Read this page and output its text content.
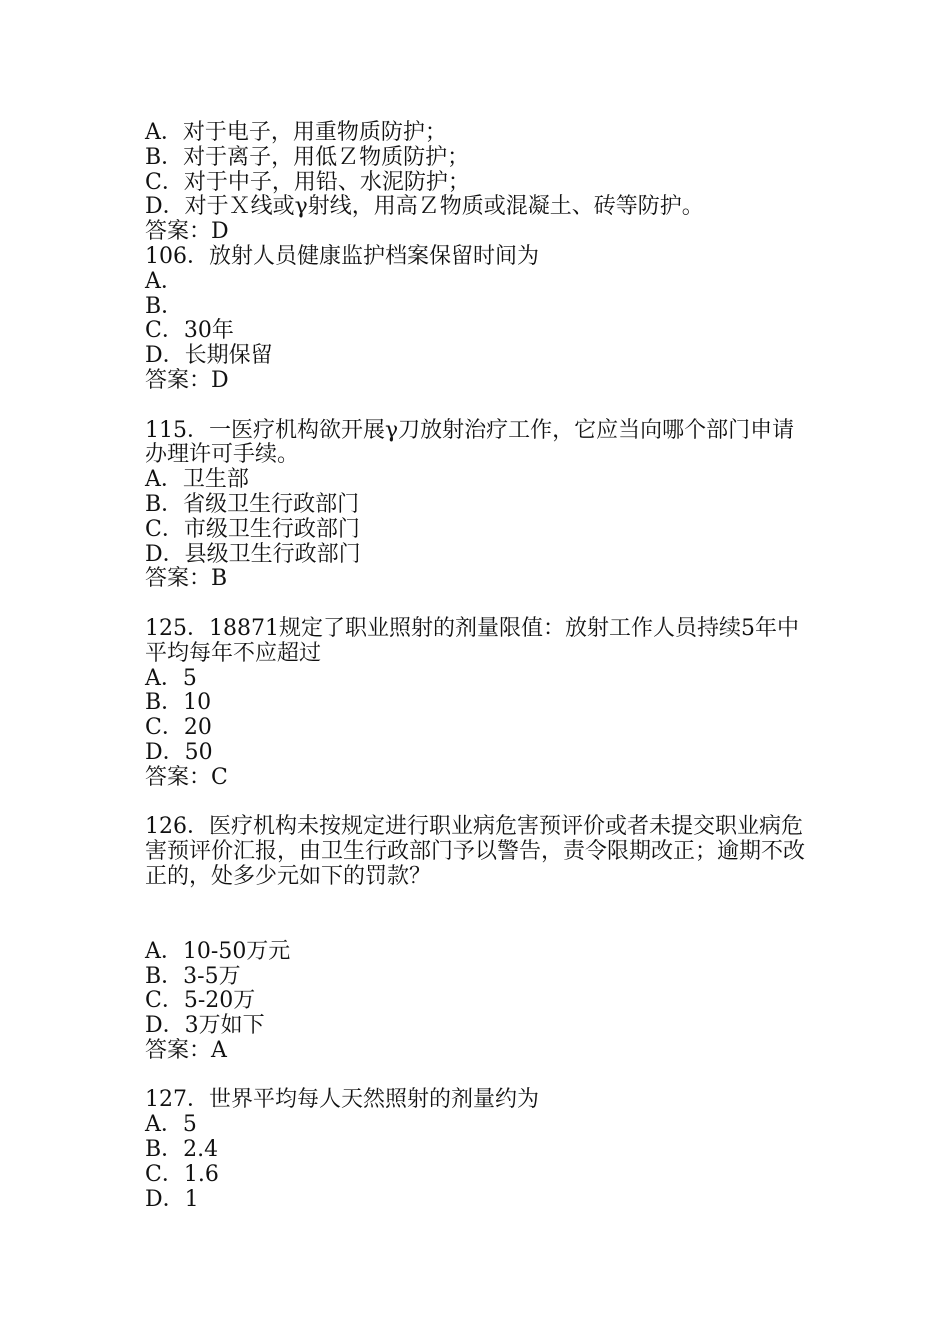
A．对于电子，用重物质防护；
B．对于离子，用低Ｚ物质防护；
C．对于中子，用铅、水泥防护；
D．对于Ｘ线或γ射线，用高Ｚ物质或混凝土、砖等防护。
答案：D
106．放射人员健康监护档案保留时间为
A．
B．
C．30年
D．长期保留
答案：D
115．一医疗机构欲开展γ刀放射治疗工作，它应当向哪个部门申请办理许可手续。
A．卫生部
B．省级卫生行政部门
C．市级卫生行政部门
D．县级卫生行政部门
答案：B
125．18871规定了职业照射的剂量限值：放射工作人员持续5年中平均每年不应超过
A．5
B．10
C．20
D．50
答案：C
126．医疗机构未按规定进行职业病危害预评价或者未提交职业病危害预评价汇报，由卫生行政部门予以警告，责令限期改正；逾期不改正的，处多少元如下的罚款？
A．10-50万元
B．3-5万
C．5-20万
D．3万如下
答案：A
127．世界平均每人天然照射的剂量约为
A．5
B．2.4
C．1.6
D．1
